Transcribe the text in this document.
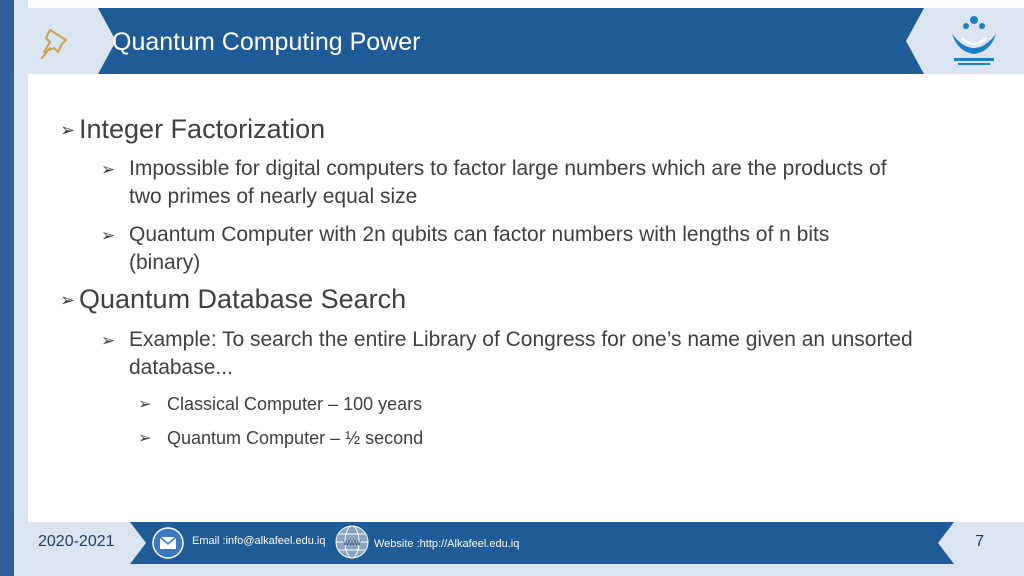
Quantum Computing Power
➢ Integer Factorization
➢ Impossible for digital computers to factor large numbers which are the products of
two primes of nearly equal size
➢ Quantum Computer with 2n qubits can factor numbers with lengths of n bits
(binary)
➢ Quantum Database Search
➢ Example: To search the entire Library of Congress for one’s name given an unsorted
database...
➢ Classical Computer – 100 years
➢ Quantum Computer – ½ second
2020-2021	Email :info@alkafeel.edu.iq www Website :http://Alkafeel.edu.iq	7
